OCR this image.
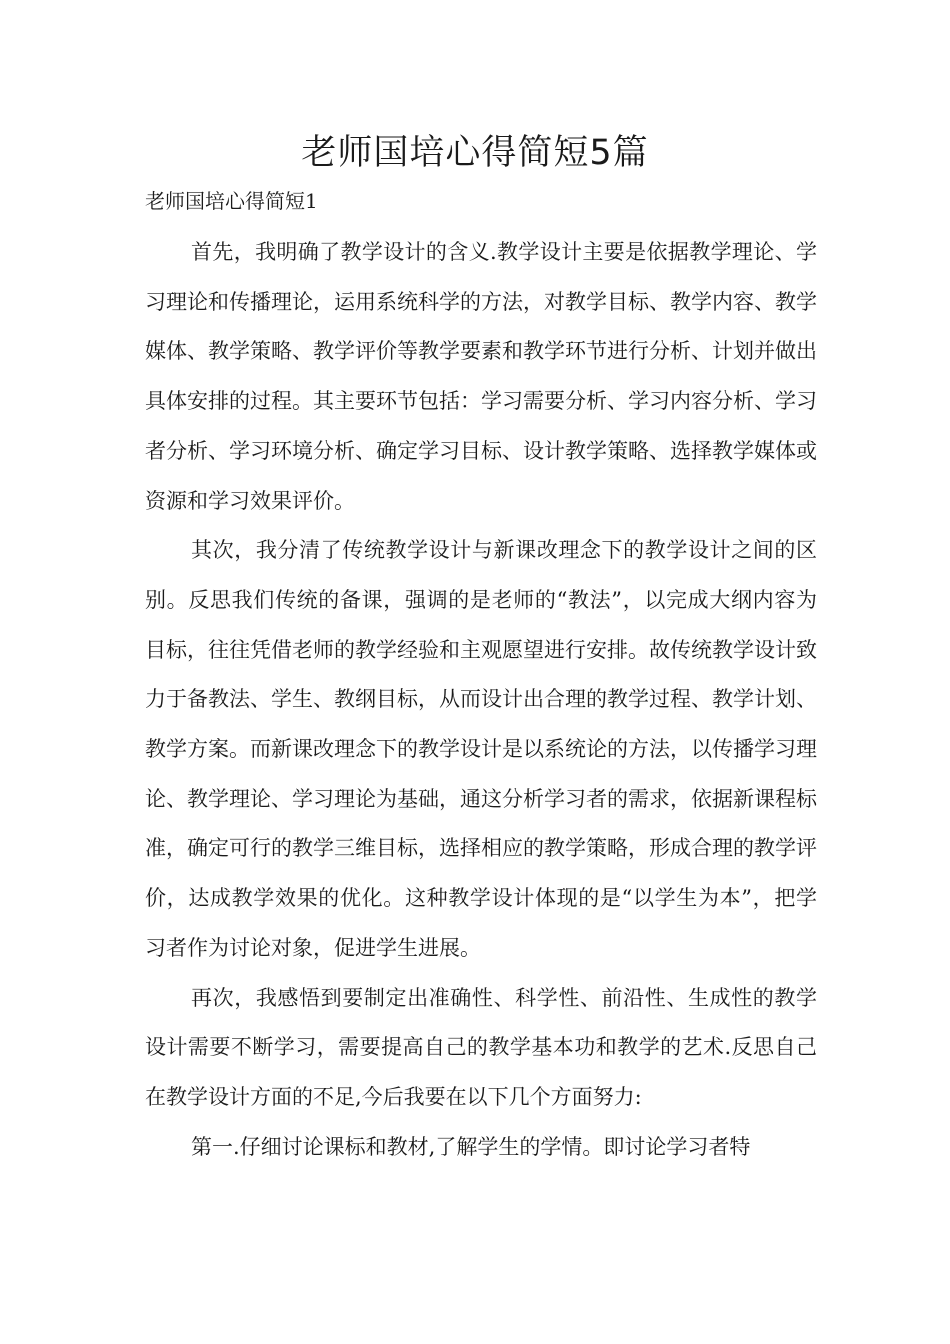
老师国培心得简短5篇
老师国培心得简短1

首先，我明确了教学设计的含义.教学设计主要是依据教学理论、学习理论和传播理论，运用系统科学的方法，对教学目标、教学内容、教学媒体、教学策略、教学评价等教学要素和教学环节进行分析、计划并做出具体安排的过程。其主要环节包括：学习需要分析、学习内容分析、学习者分析、学习环境分析、确定学习目标、设计教学策略、选择教学媒体或资源和学习效果评价。

其次，我分清了传统教学设计与新课改理念下的教学设计之间的区别。反思我们传统的备课，强调的是老师的“教法”，以完成大纲内容为目标，往往凭借老师的教学经验和主观愿望进行安排。故传统教学设计致力于备教法、学生、教纲目标，从而设计出合理的教学过程、教学计划、教学方案。而新课改理念下的教学设计是以系统论的方法，以传播学习理论、教学理论、学习理论为基础，通这分析学习者的需求，依据新课程标准，确定可行的教学三维目标，选择相应的教学策略，形成合理的教学评价，达成教学效果的优化。这种教学设计体现的是“以学生为本”，把学习者作为讨论对象，促进学生进展。

再次，我感悟到要制定出准确性、科学性、前沿性、生成性的教学设计需要不断学习，需要提高自己的教学基本功和教学的艺术.反思自己在教学设计方面的不足,今后我要在以下几个方面努力:

第一.仔细讨论课标和教材,了解学生的学情。即讨论学习者特
